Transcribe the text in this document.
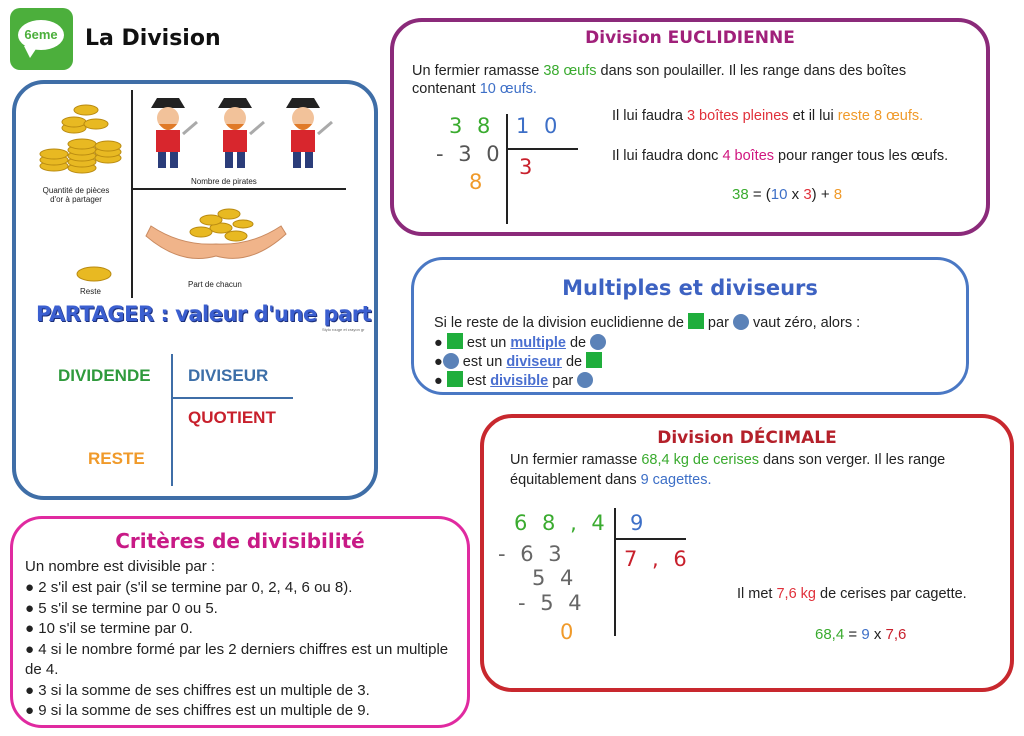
6eme La Division
Quantité de pièces d'or à partager
Nombre de pirates
Part de chacun
Reste
PARTAGER : valeur d'une part
Stylo rouge et crayon gr
DIVIDENDE DIVISEUR
QUOTIENT
RESTE
Division EUCLIDIENNE

Un fermier ramasse 38 œufs dans son poulailler. Il les range dans des boîtes contenant 10 œufs.

3 8
- 3 0
8
1 0
3

Il lui faudra 3 boîtes pleines et il lui reste 8 œufs.

Il lui faudra donc 4 boîtes pour ranger tous les œufs.

38 = (10 x 3) + 8

Multiples et diviseurs

Si le reste de la division euclidienne de  par  vaut zéro, alors :

●  est un multiple de

● est un diviseur de

●  est divisible par

Critères de divisibilité
Un nombre est divisible par :
● 2 s'il est pair (s'il se termine par 0, 2, 4, 6 ou 8).
● 5 s'il se termine par 0 ou 5.
● 10 s'il se termine par 0.
● 4 si le nombre formé par les 2 derniers chiffres est un multiple de 4.
● 3 si la somme de ses chiffres est un multiple de 3.
● 9 si la somme de ses chiffres est un multiple de 9.
Division DÉCIMALE

Un fermier ramasse 68,4 kg de cerises dans son verger. Il les range équitablement dans 9 cagettes.

6 8 , 4
- 6 3
5 4
- 5 4
0
9
7 , 6

Il met 7,6 kg de cerises par cagette.

68,4 = 9 x 7,6
